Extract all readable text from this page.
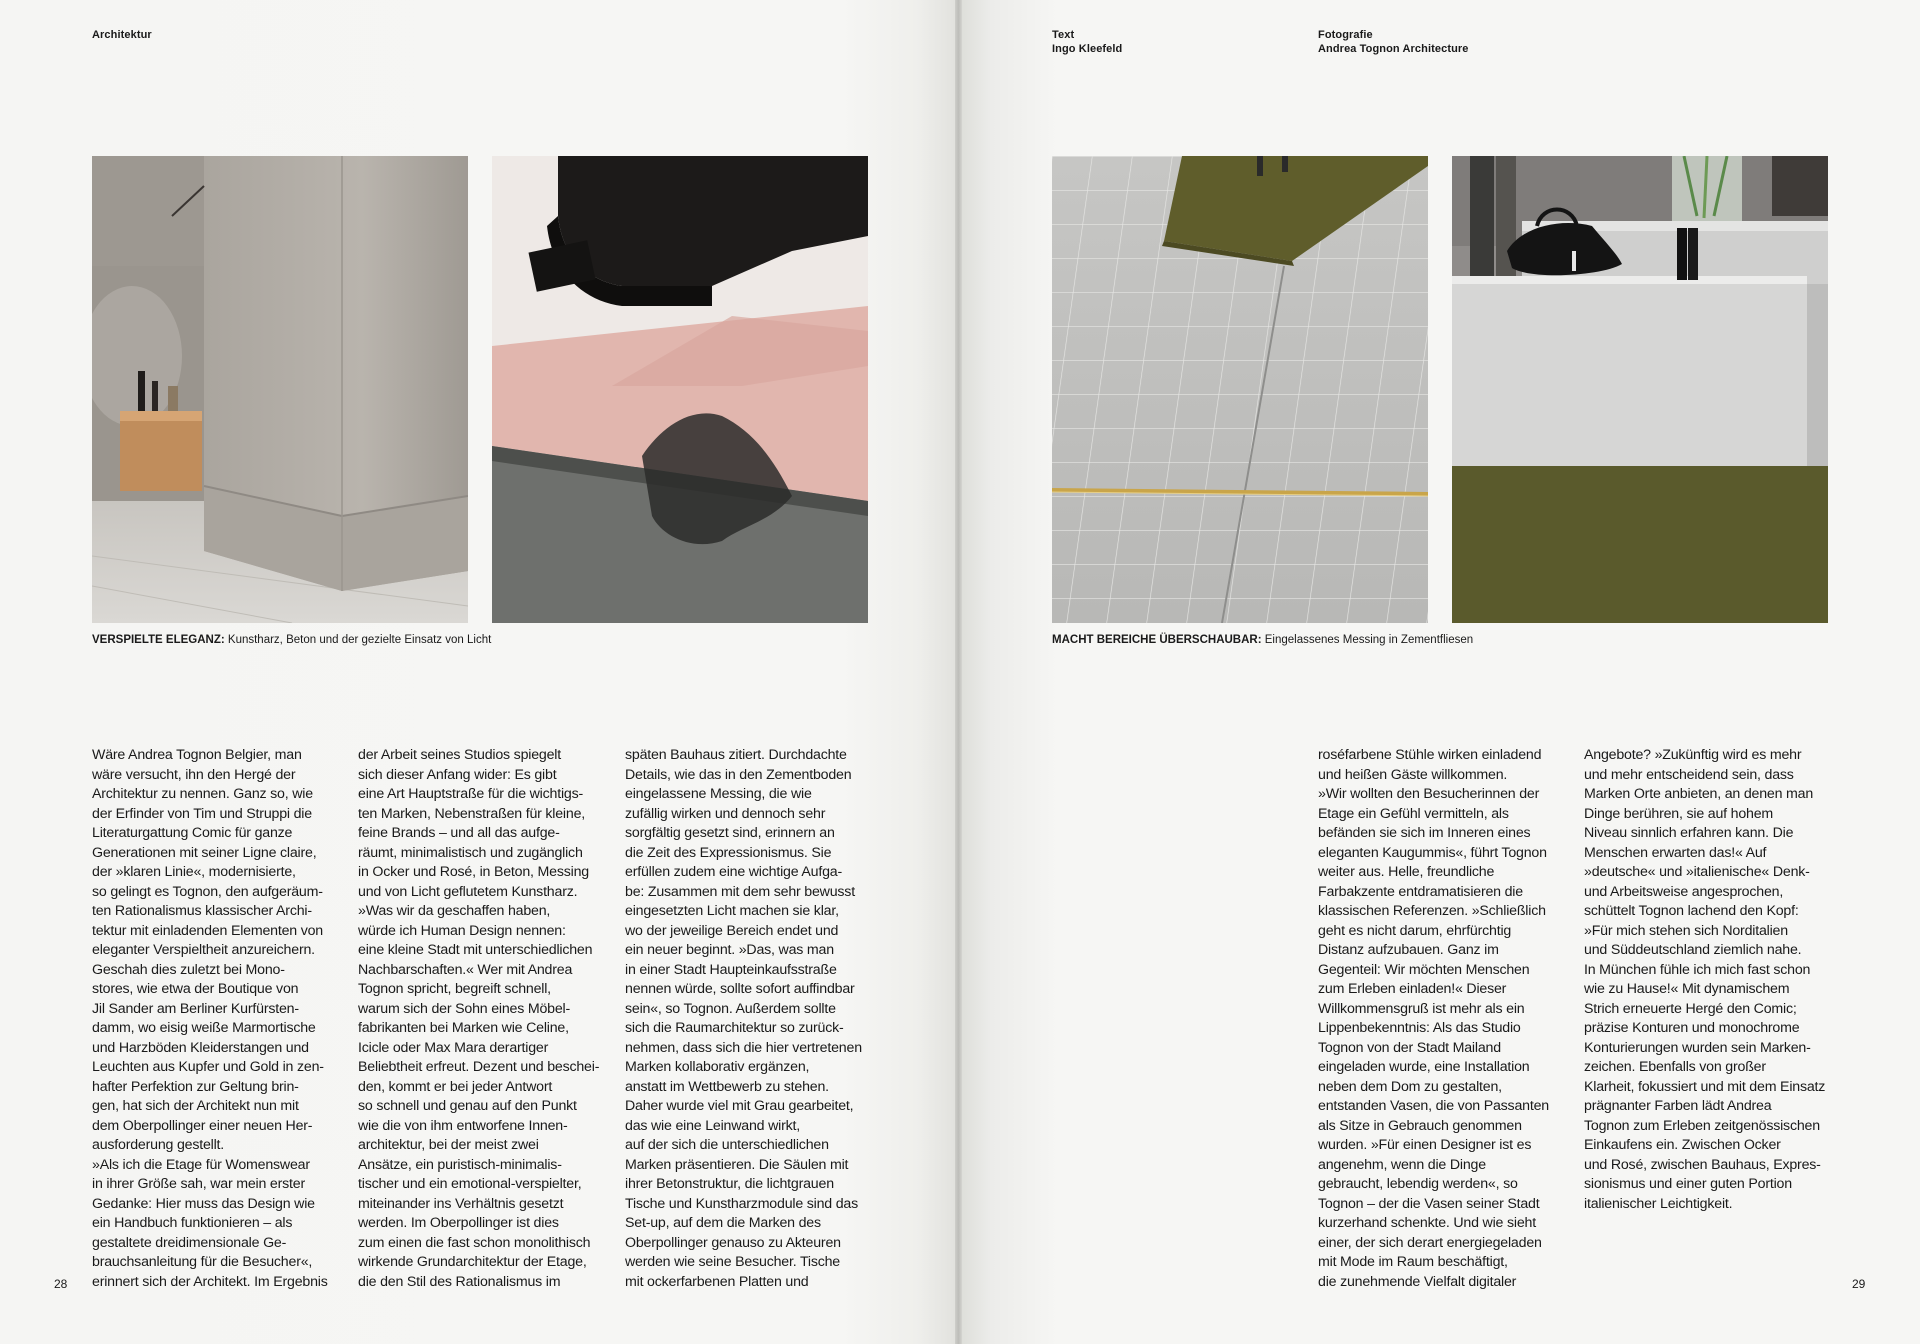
Architektur
VERSPIELTE ELEGANZ: Kunstharz, Beton und der gezielte Einsatz von Licht
Wäre Andrea Tognon Belgier, man
wäre versucht, ihn den Hergé der
Architektur zu nennen. Ganz so, wie
der Erfinder von Tim und Struppi die
Literaturgattung Comic für ganze
Generationen mit seiner Ligne claire,
der »klaren Linie«, modernisierte,
so gelingt es Tognon, den aufgeräum-
ten Rationalismus klassischer Archi-
tektur mit einladenden Elementen von
eleganter Verspieltheit anzureichern.
Geschah dies zuletzt bei Mono-
stores, wie etwa der Boutique von
Jil Sander am Berliner Kurfürsten-
damm, wo eisig weiße Marmortische
und Harzböden Kleiderstangen und
Leuchten aus Kupfer und Gold in zen-
hafter Perfektion zur Geltung brin-
gen, hat sich der Architekt nun mit
dem Oberpollinger einer neuen Her-
ausforderung gestellt.
»Als ich die Etage für Womenswear
in ihrer Größe sah, war mein erster
Gedanke: Hier muss das Design wie
ein Handbuch funktionieren – als
gestaltete dreidimensionale Ge-
brauchsanleitung für die Besucher«,
erinnert sich der Architekt. Im Ergebnis
der Arbeit seines Studios spiegelt
sich dieser Anfang wider: Es gibt
eine Art Hauptstraße für die wichtigs-
ten Marken, Nebenstraßen für kleine,
feine Brands – und all das aufge-
räumt, minimalistisch und zugänglich
in Ocker und Rosé, in Beton, Messing
und von Licht geflutetem Kunstharz.
»Was wir da geschaffen haben,
würde ich Human Design nennen:
eine kleine Stadt mit unterschiedlichen
Nachbarschaften.« Wer mit Andrea
Tognon spricht, begreift schnell,
warum sich der Sohn eines Möbel-
fabrikanten bei Marken wie Celine,
Icicle oder Max Mara derartiger
Beliebtheit erfreut. Dezent und beschei-
den, kommt er bei jeder Antwort
so schnell und genau auf den Punkt
wie die von ihm entworfene Innen-
architektur, bei der meist zwei
Ansätze, ein puristisch-minimalis-
tischer und ein emotional-verspielter,
miteinander ins Verhältnis gesetzt
werden. Im Oberpollinger ist dies
zum einen die fast schon monolithisch
wirkende Grundarchitektur der Etage,
die den Stil des Rationalismus im
späten Bauhaus zitiert. Durchdachte
Details, wie das in den Zementboden
eingelassene Messing, die wie
zufällig wirken und dennoch sehr
sorgfältig gesetzt sind, erinnern an
die Zeit des Expressionismus. Sie
erfüllen zudem eine wichtige Aufga-
be: Zusammen mit dem sehr bewusst
eingesetzten Licht machen sie klar,
wo der jeweilige Bereich endet und
ein neuer beginnt. »Das, was man
in einer Stadt Haupteinkaufsstraße
nennen würde, sollte sofort auffindbar
sein«, so Tognon. Außerdem sollte
sich die Raumarchitektur so zurück-
nehmen, dass sich die hier vertretenen
Marken kollaborativ ergänzen,
anstatt im Wettbewerb zu stehen.
Daher wurde viel mit Grau gearbeitet,
das wie eine Leinwand wirkt,
auf der sich die unterschiedlichen
Marken präsentieren. Die Säulen mit
ihrer Betonstruktur, die lichtgrauen
Tische und Kunstharzmodule sind das
Set-up, auf dem die Marken des
Oberpollinger genauso zu Akteuren
werden wie seine Besucher. Tische
mit ockerfarbenen Platten und
28
Text
Ingo Kleefeld
Fotografie
Andrea Tognon Architecture
MACHT BEREICHE ÜBERSCHAUBAR: Eingelassenes Messing in Zementfliesen
roséfarbene Stühle wirken einladend
und heißen Gäste willkommen.
»Wir wollten den Besucherinnen der
Etage ein Gefühl vermitteln, als
befänden sie sich im Inneren eines
eleganten Kaugummis«, führt Tognon
weiter aus. Helle, freundliche
Farbakzente entdramatisieren die
klassischen Referenzen. »Schließlich
geht es nicht darum, ehrfürchtig
Distanz aufzubauen. Ganz im
Gegenteil: Wir möchten Menschen
zum Erleben einladen!« Dieser
Willkommensgruß ist mehr als ein
Lippenbekenntnis: Als das Studio
Tognon von der Stadt Mailand
eingeladen wurde, eine Installation
neben dem Dom zu gestalten,
entstanden Vasen, die von Passanten
als Sitze in Gebrauch genommen
wurden. »Für einen Designer ist es
angenehm, wenn die Dinge
gebraucht, lebendig werden«, so
Tognon – der die Vasen seiner Stadt
kurzerhand schenkte. Und wie sieht
einer, der sich derart energiegeladen
mit Mode im Raum beschäftigt,
die zunehmende Vielfalt digitaler
Angebote? »Zukünftig wird es mehr
und mehr entscheidend sein, dass
Marken Orte anbieten, an denen man
Dinge berühren, sie auf hohem
Niveau sinnlich erfahren kann. Die
Menschen erwarten das!« Auf
»deutsche« und »italienische« Denk-
und Arbeitsweise angesprochen,
schüttelt Tognon lachend den Kopf:
»Für mich stehen sich Norditalien
und Süddeutschland ziemlich nahe.
In München fühle ich mich fast schon
wie zu Hause!« Mit dynamischem
Strich erneuerte Hergé den Comic;
präzise Konturen und monochrome
Konturierungen wurden sein Marken-
zeichen. Ebenfalls von großer
Klarheit, fokussiert und mit dem Einsatz
prägnanter Farben lädt Andrea
Tognon zum Erleben zeitgenössischen
Einkaufens ein. Zwischen Ocker
und Rosé, zwischen Bauhaus, Expres-
sionismus und einer guten Portion
italienischer Leichtigkeit.
29
